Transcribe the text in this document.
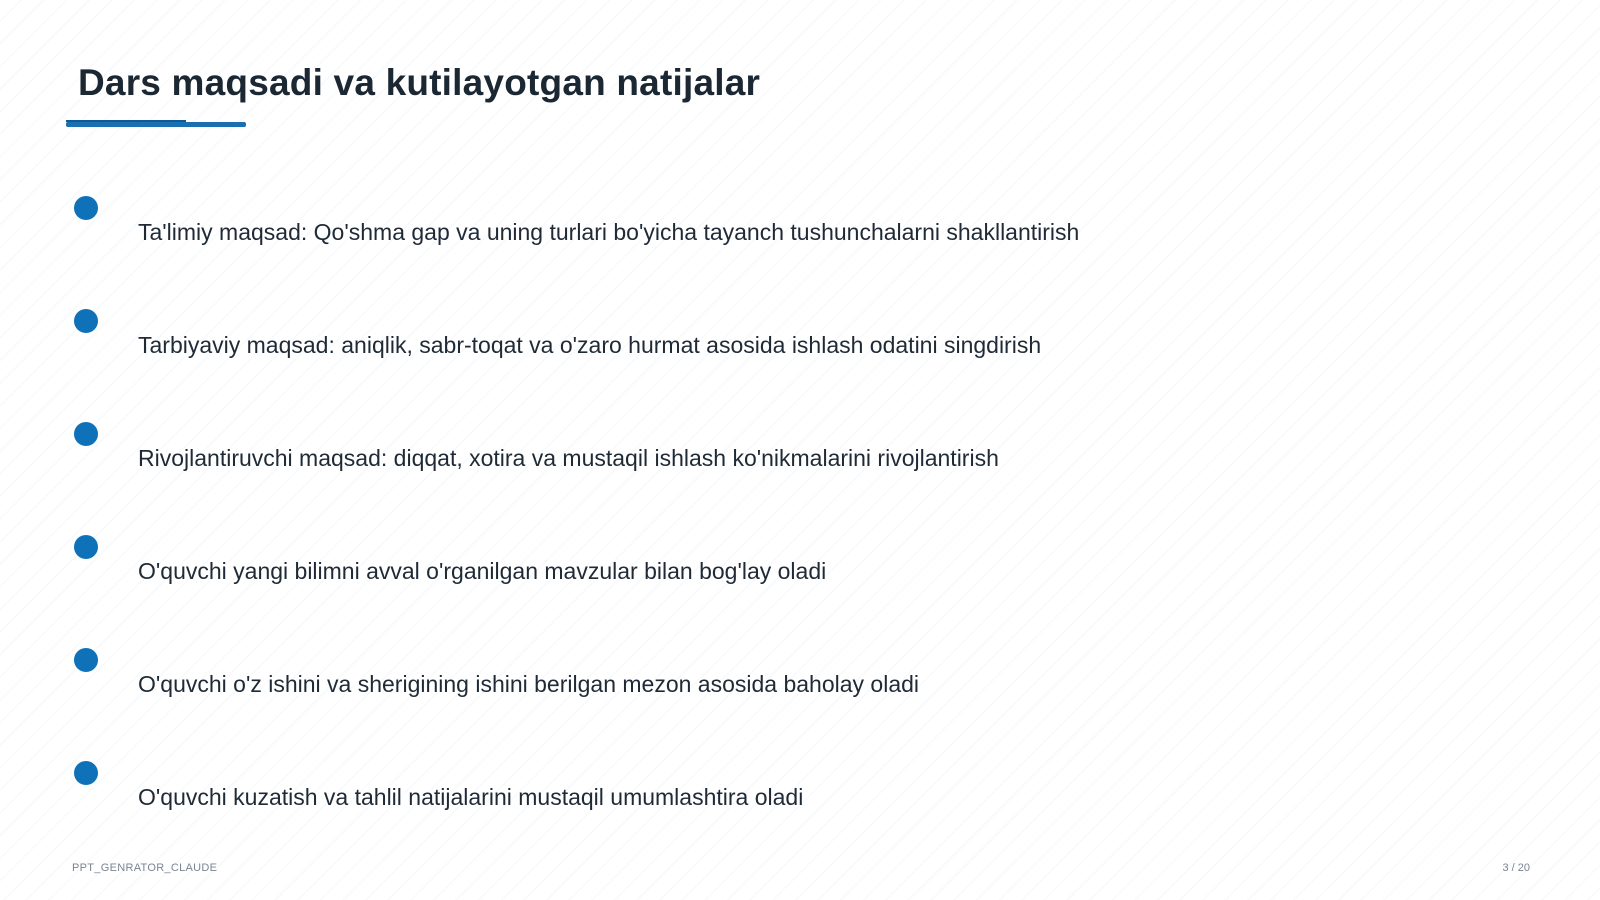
Dars maqsadi va kutilayotgan natijalar
Ta'limiy maqsad: Qo'shma gap va uning turlari bo'yicha tayanch tushunchalarni shakllantirish
Tarbiyaviy maqsad: aniqlik, sabr-toqat va o'zaro hurmat asosida ishlash odatini singdirish
Rivojlantiruvchi maqsad: diqqat, xotira va mustaqil ishlash ko'nikmalarini rivojlantirish
O'quvchi yangi bilimni avval o'rganilgan mavzular bilan bog'lay oladi
O'quvchi o'z ishini va sherigining ishini berilgan mezon asosida baholay oladi
O'quvchi kuzatish va tahlil natijalarini mustaqil umumlashtira oladi
PPT_GENRATOR_CLAUDE	3 / 20
